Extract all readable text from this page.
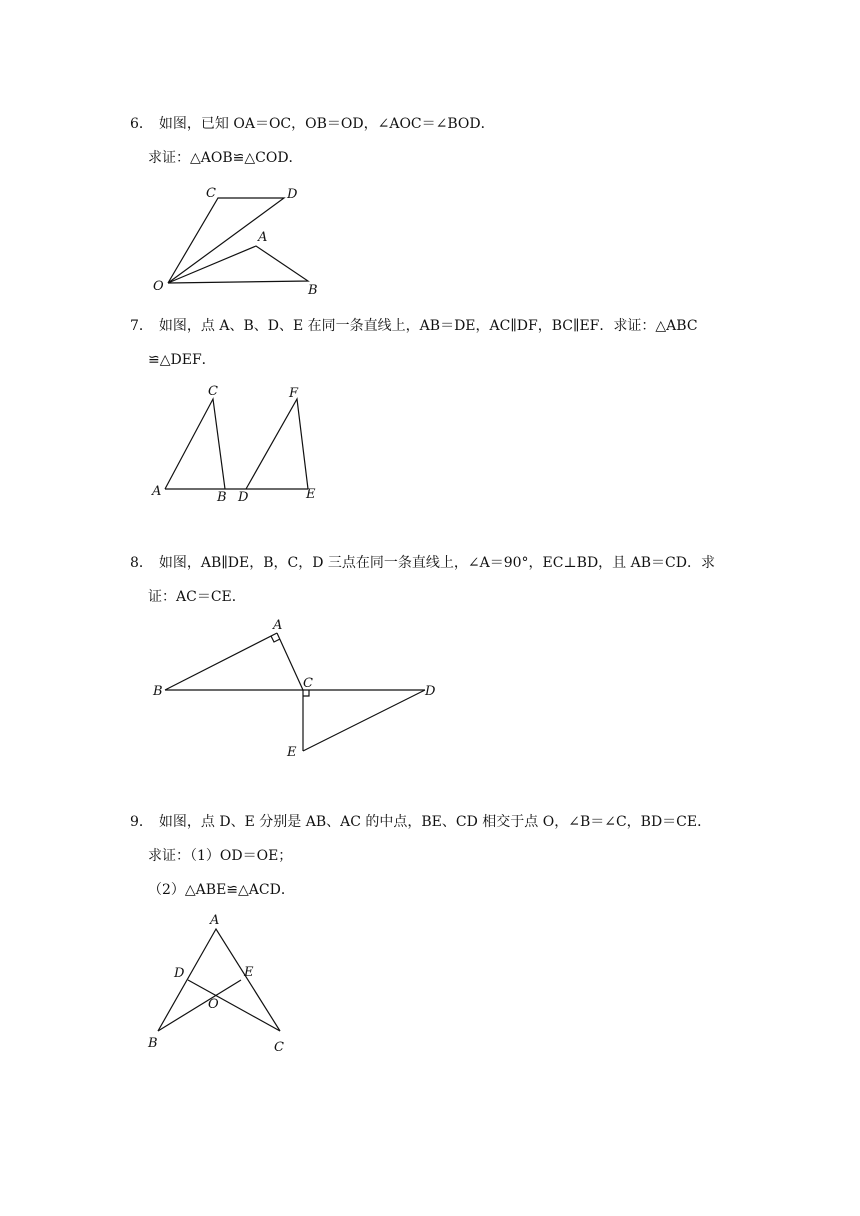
6． 如图，已知 OA＝OC，OB＝OD，∠AOC＝∠BOD．
求证：△AOB≌△COD．
C	D
A
O	B
7． 如图，点 A、B、D、E 在同一条直线上，AB＝DE，AC∥DF，BC∥EF．求证：△ABC
≌△DEF．
C	F
A	B D	E
8． 如图，AB∥DE，B，C，D 三点在同一条直线上，∠A＝90°，EC⊥BD，且 AB＝CD．求
证：AC＝CE．
A
B
C
D
E
9． 如图，点 D、E 分别是 AB、AC 的中点，BE、CD 相交于点 O，∠B＝∠C，BD＝CE．
求证：（1）OD＝OE；
（2）△ABE≌△ACD．
A
D	E
O
B	C
